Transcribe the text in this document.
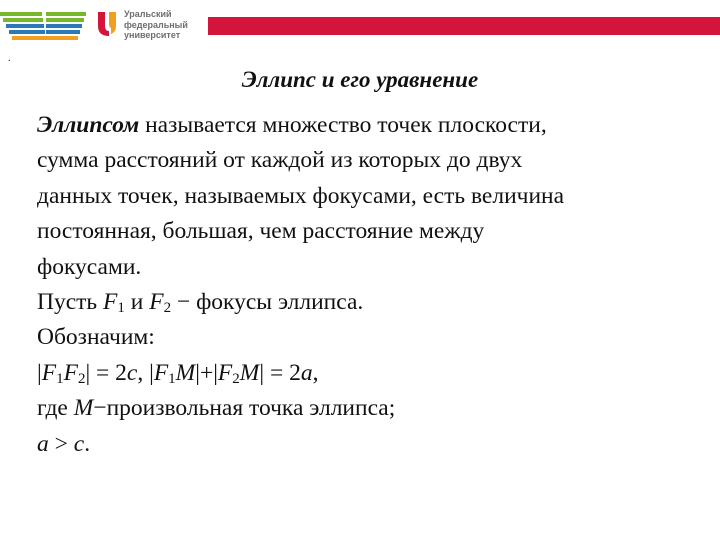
Уральский
федеральный
университет
.
Эллипс и его уравнение
Эллипсом называется множество точек плоскости,
сумма расстояний от каждой из которых до двух
данных точек, называемых фокусами, есть величина
постоянная, большая, чем расстояние между
фокусами.
Пусть $F_1$ и $F_2$ − фокусы эллипса.
Обозначим:
$|F_1F_2| = 2c$, $|F_1M|+|F_2M| = 2a$,
где M−произвольная точка эллипса;
a > c.
